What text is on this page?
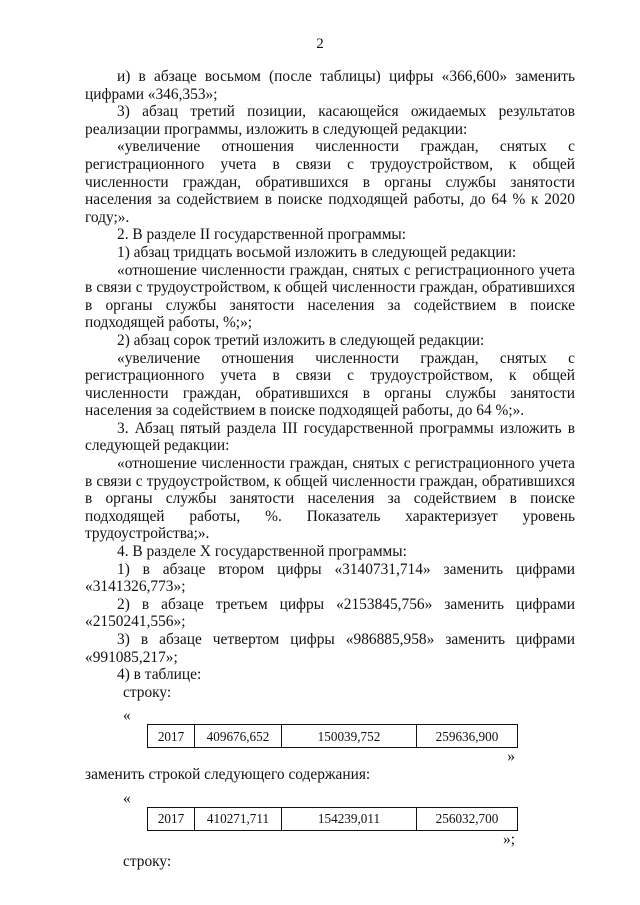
2

и) в абзаце восьмом (после таблицы) цифры «366,600» заменить цифрами «346,353»;

3) абзац третий позиции, касающейся ожидаемых результатов реализации программы, изложить в следующей редакции:

«увеличение отношения численности граждан, снятых с регистрационного учета в связи с трудоустройством, к общей численности граждан, обратившихся в органы службы занятости населения за содействием в поиске подходящей работы, до 64 % к 2020 году;».

2. В разделе II государственной программы:

1) абзац тридцать восьмой изложить в следующей редакции:

«отношение численности граждан, снятых с регистрационного учета в связи с трудоустройством, к общей численности граждан, обратившихся в органы службы занятости населения за содействием в поиске подходящей работы, %;»;

2) абзац сорок третий изложить в следующей редакции:

«увеличение отношения численности граждан, снятых с регистрационного учета в связи с трудоустройством, к общей численности граждан, обратившихся в органы службы занятости населения за содействием в поиске подходящей работы, до 64 %;».

3. Абзац пятый раздела III государственной программы изложить в следующей редакции:

«отношение численности граждан, снятых с регистрационного учета в связи с трудоустройством, к общей численности граждан, обратившихся в органы службы занятости населения за содействием в поиске подходящей работы, %. Показатель характеризует уровень трудоустройства;».

4. В разделе X государственной программы:

1) в абзаце втором цифры «3140731,714» заменить цифрами «3141326,773»;

2) в абзаце третьем цифры «2153845,756» заменить цифрами «2150241,556»;

3) в абзаце четвертом цифры «986885,958» заменить цифрами «991085,217»;

4) в таблице:

строку:

«
2017	409676,652	150039,752	259636,900
»

заменить строкой следующего содержания:

«
2017	410271,711	154239,011	256032,700
»;

строку:
